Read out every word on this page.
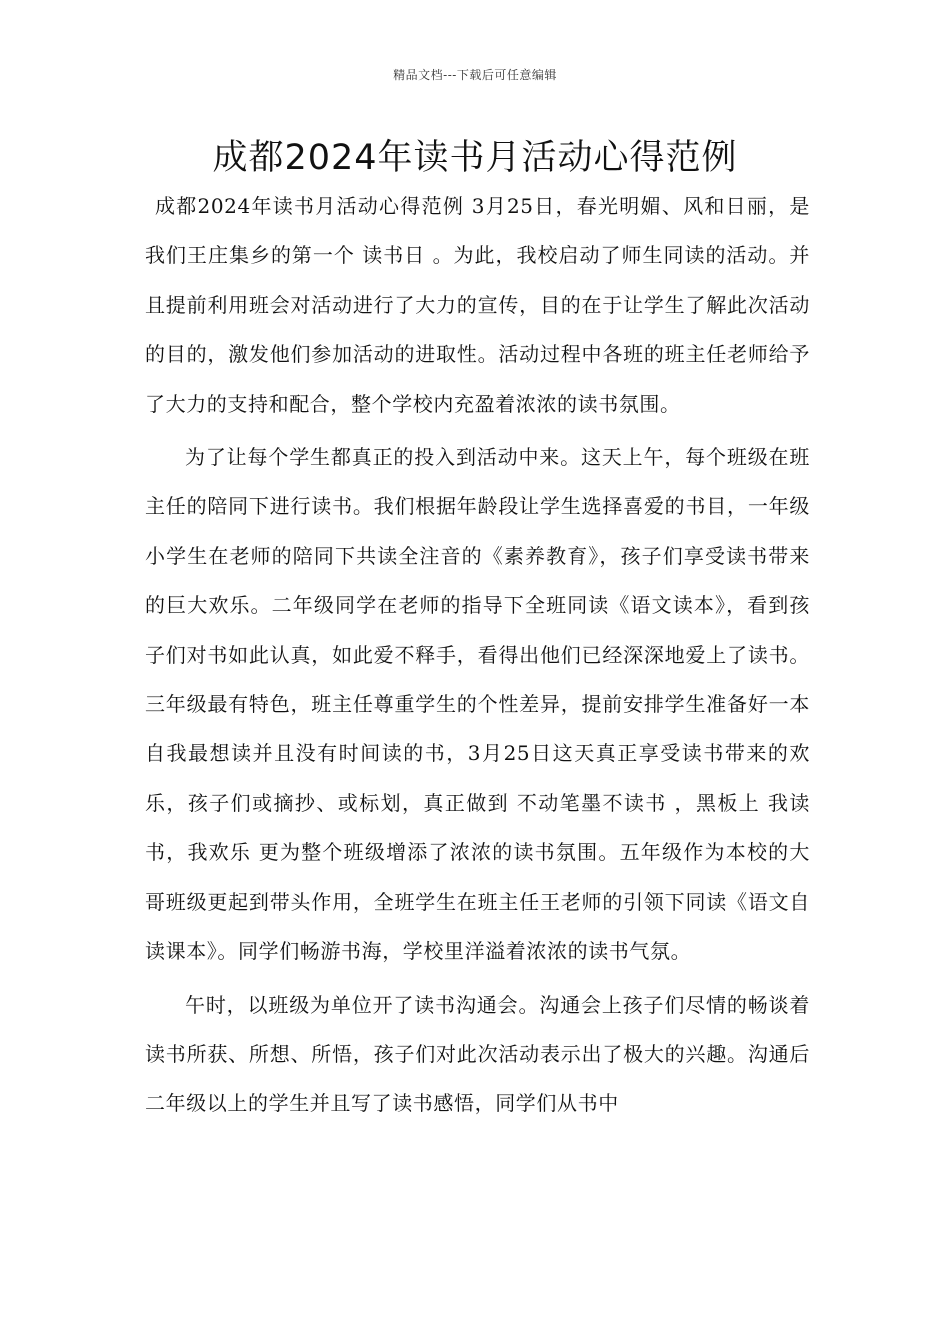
精品文档---下载后可任意编辑
成都2024年读书月活动心得范例

成都2024年读书月活动心得范例 3月25日，春光明媚、风和日丽，是我们王庄集乡的第一个 读书日 。为此，我校启动了师生同读的活动。并且提前利用班会对活动进行了大力的宣传，目的在于让学生了解此次活动的目的，激发他们参加活动的进取性。活动过程中各班的班主任老师给予了大力的支持和配合，整个学校内充盈着浓浓的读书氛围。

为了让每个学生都真正的投入到活动中来。这天上午，每个班级在班主任的陪同下进行读书。我们根据年龄段让学生选择喜爱的书目，一年级小学生在老师的陪同下共读全注音的《素养教育》，孩子们享受读书带来的巨大欢乐。二年级同学在老师的指导下全班同读《语文读本》，看到孩子们对书如此认真，如此爱不释手，看得出他们已经深深地爱上了读书。三年级最有特色，班主任尊重学生的个性差异，提前安排学生准备好一本自我最想读并且没有时间读的书，3月25日这天真正享受读书带来的欢乐，孩子们或摘抄、或标划，真正做到 不动笔墨不读书 ，黑板上 我读书，我欢乐 更为整个班级增添了浓浓的读书氛围。五年级作为本校的大哥班级更起到带头作用，全班学生在班主任王老师的引领下同读《语文自读课本》。同学们畅游书海，学校里洋溢着浓浓的读书气氛。

午时，以班级为单位开了读书沟通会。沟通会上孩子们尽情的畅谈着读书所获、所想、所悟，孩子们对此次活动表示出了极大的兴趣。沟通后二年级以上的学生并且写了读书感悟，同学们从书中
